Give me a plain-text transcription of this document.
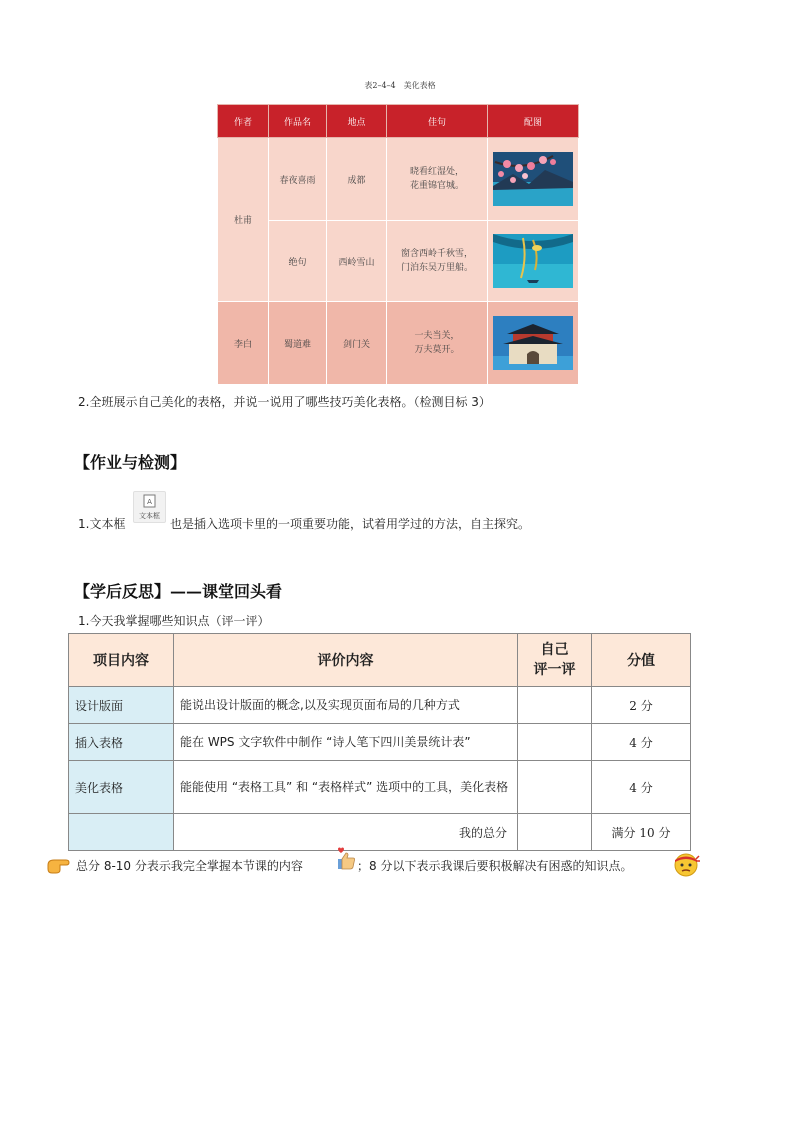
表2–4–4　美化表格
作者	作品名	地点	佳句	配图
杜甫	春夜喜雨	成都	晓看红湿处，
花重锦官城。

	绝句	西岭雪山	窗含西岭千秋雪，
门泊东吴万里船。

李白	蜀道难	剑门关	一夫当关，
万夫莫开。

2.全班展示自己美化的表格，并说一说用了哪些技巧美化表格。（检测目标 3）
【作业与检测】
1.文本框
A
文本框
也是插入选项卡里的一项重要功能，试着用学过的方法，自主探究。
【学后反思】——课堂回头看
1.今天我掌握哪些知识点（评一评）
项目内容	评价内容	自己
评一评	分值
设计版面	能说出设计版面的概念,以及实现页面布局的几种方式		2 分
插入表格	能在 WPS 文字软件中制作 “诗人笔下四川美景统计表”		4 分
美化表格	能能使用 “表格工具” 和 “表格样式” 选项中的工具，美化表格		4 分
	我的总分		满分 10 分
总分 8-10 分表示我完全掌握本节课的内容	；8 分以下表示我课后要积极解决有困惑的知识点。
